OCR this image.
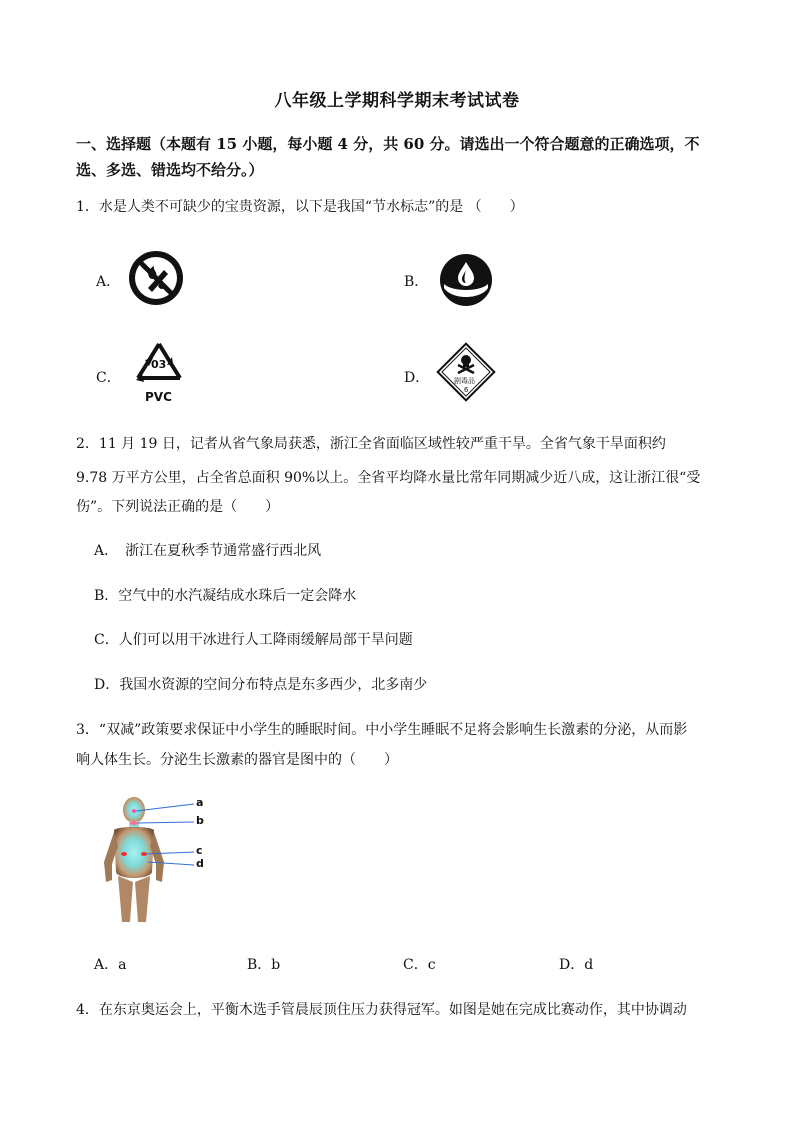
八年级上学期科学期末考试试卷
一、选择题（本题有 15 小题，每小题 4 分，共 60 分。请选出一个符合题意的正确选项，不选、多选、错选均不给分。）
1．水是人类不可缺少的宝贵资源，以下是我国“节水标志”的是 （　　）
A．	B．
C．
03
PVC
D．	剧毒品
6
2．11 月 19 日，记者从省气象局获悉，浙江全省面临区域性较严重干旱。全省气象干旱面积约
9.78 万平方公里，占全省总面积 90%以上。全省平均降水量比常年同期减少近八成，这让浙江很“受
伤”。下列说法正确的是（　　）
A．　浙江在夏秋季节通常盛行西北风
B．空气中的水汽凝结成水珠后一定会降水
C．人们可以用干冰进行人工降雨缓解局部干旱问题
D．我国水资源的空间分布特点是东多西少，北多南少
3．“双减”政策要求保证中小学生的睡眠时间。中小学生睡眠不足将会影响生长激素的分泌，从而影
响人体生长。分泌生长激素的器官是图中的（　　）
a
b
c
d
A．a	B．b	C．c	D．d
4．在东京奥运会上，平衡木选手管晨辰顶住压力获得冠军。如图是她在完成比赛动作，其中协调动
